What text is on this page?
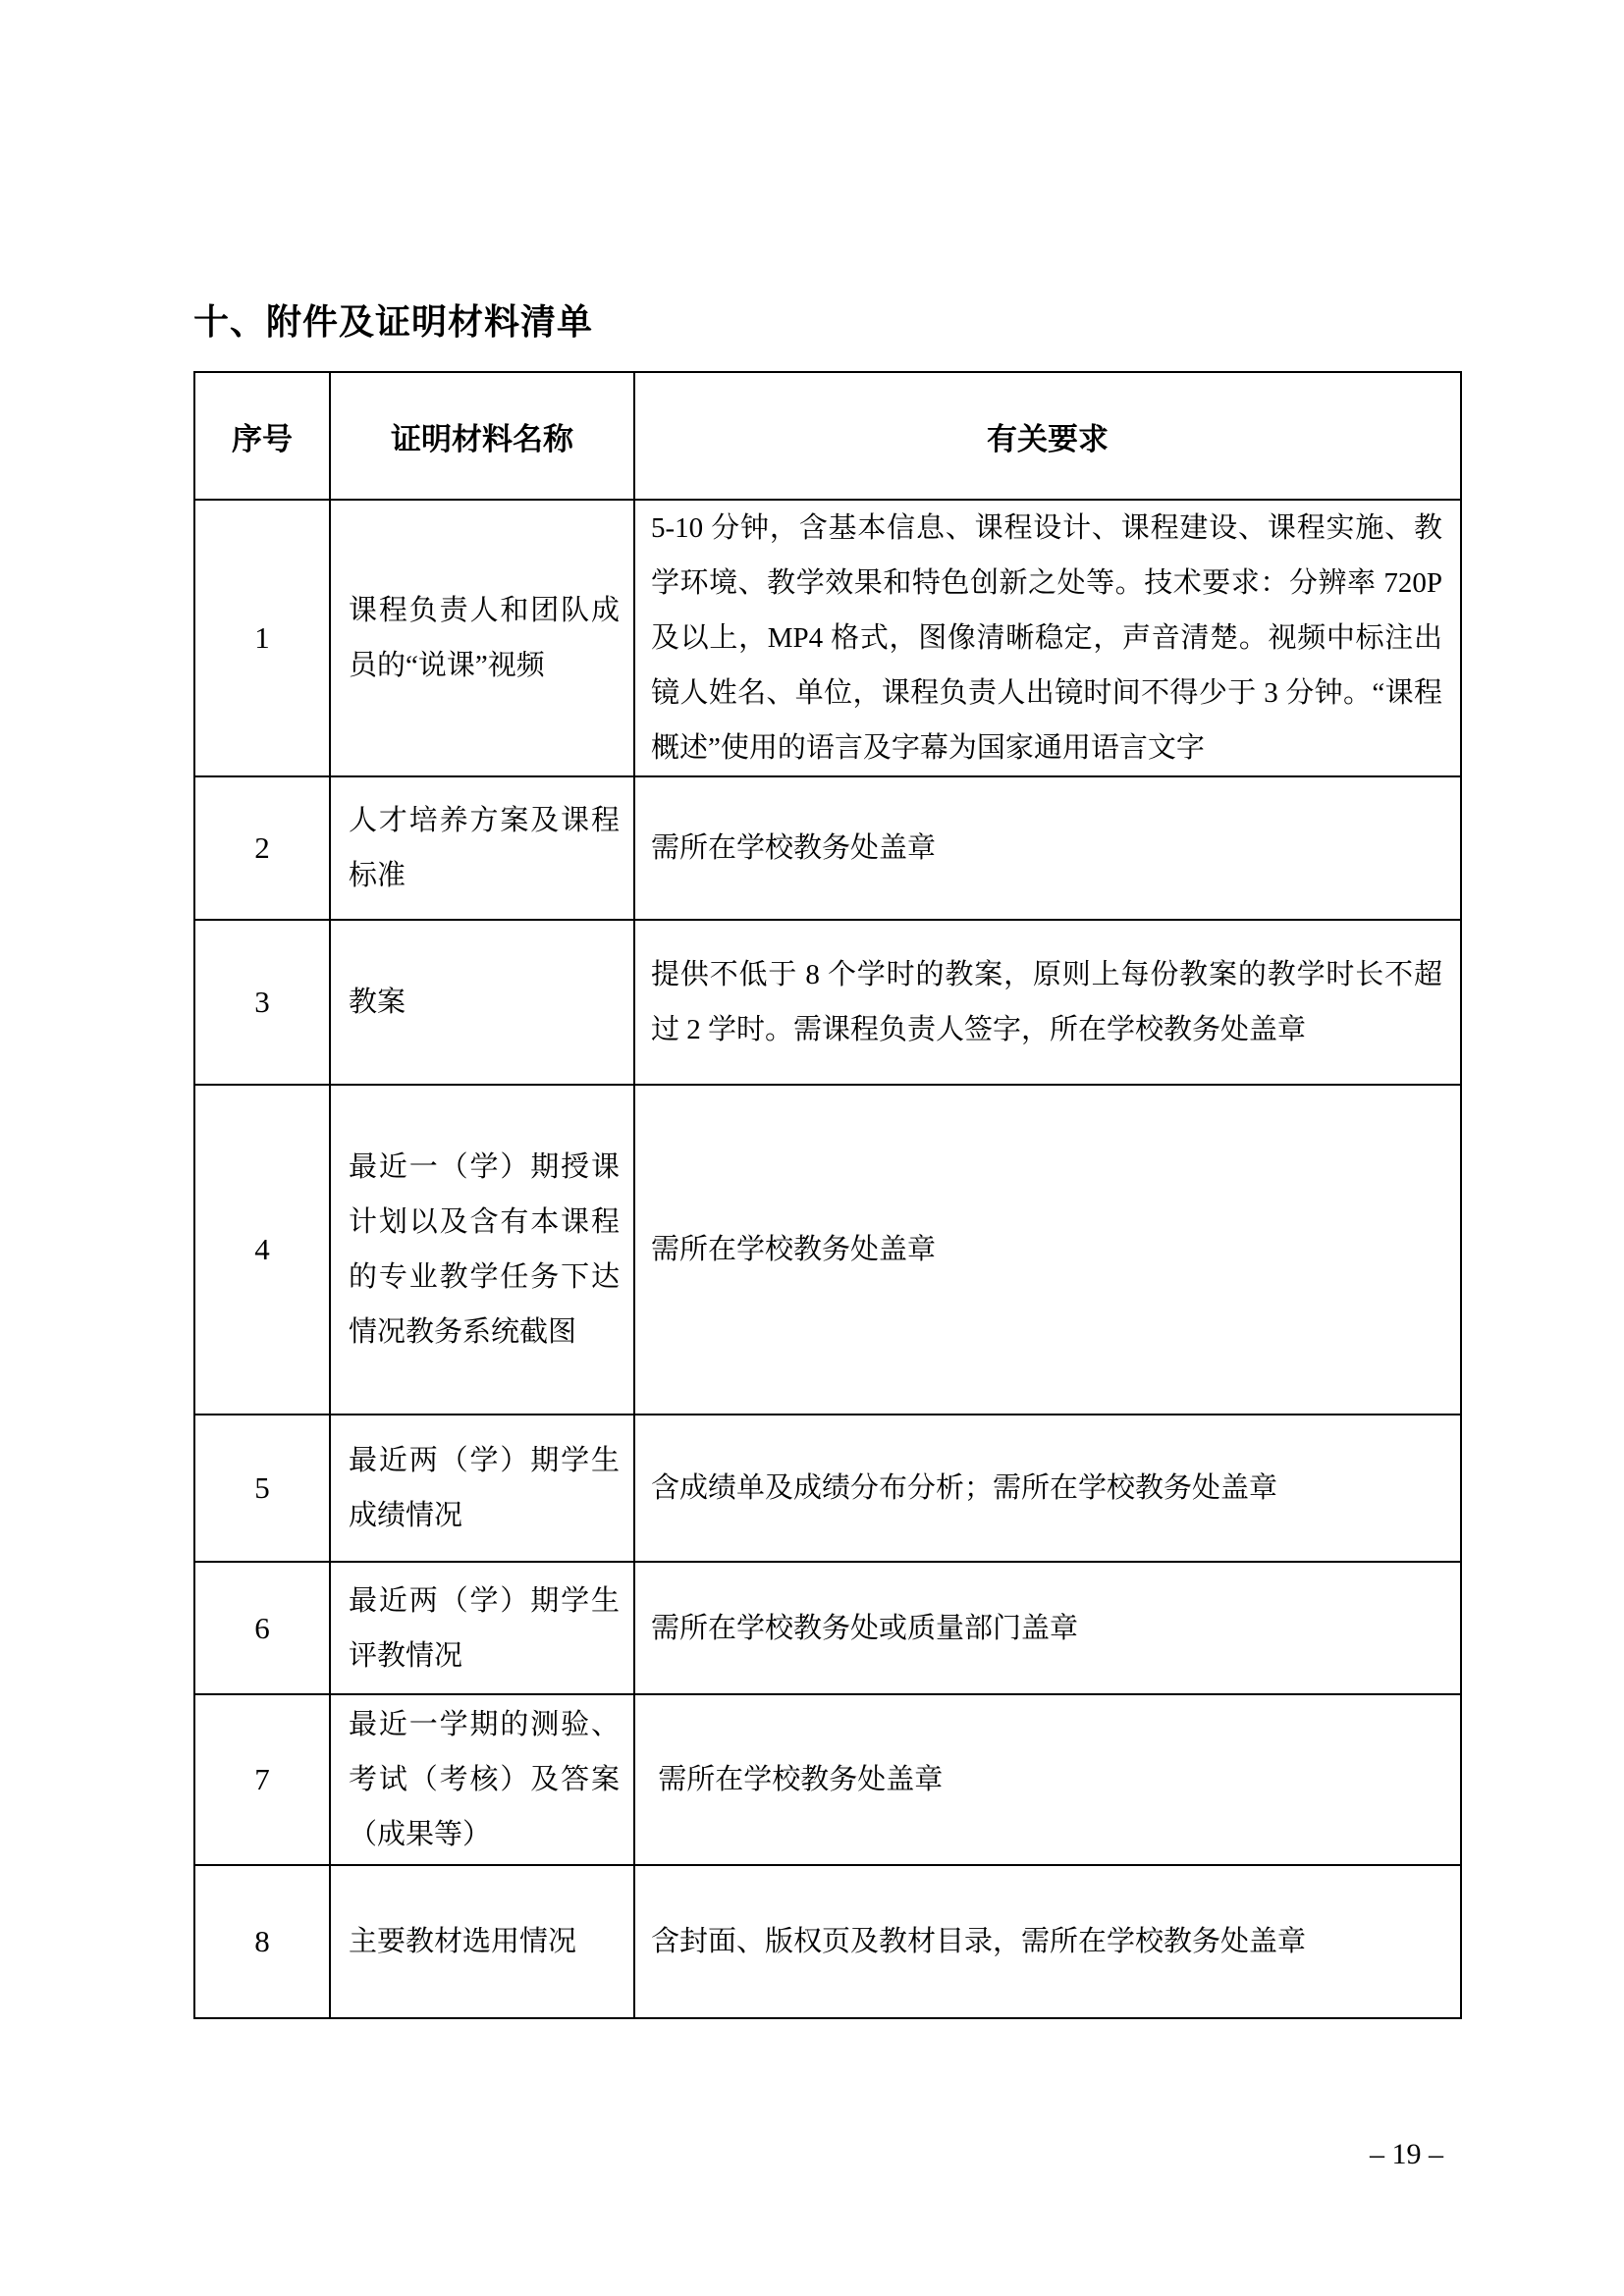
十、附件及证明材料清单
序号	证明材料名称	有关要求
1	课程负责人和团队成员的“说课”视频	5-10 分钟，含基本信息、课程设计、课程建设、课程实施、教学环境、教学效果和特色创新之处等。技术要求：分辨率 720P 及以上，MP4 格式，图像清晰稳定，声音清楚。视频中标注出镜人姓名、单位，课程负责人出镜时间不得少于 3 分钟。“课程概述”使用的语言及字幕为国家通用语言文字
2	人才培养方案及课程标准	需所在学校教务处盖章
3	教案	提供不低于 8 个学时的教案，原则上每份教案的教学时长不超过 2 学时。需课程负责人签字，所在学校教务处盖章
4	最近一（学）期授课计划以及含有本课程的专业教学任务下达情况教务系统截图	需所在学校教务处盖章
5	最近两（学）期学生成绩情况	含成绩单及成绩分布分析；需所在学校教务处盖章
6	最近两（学）期学生评教情况	需所在学校教务处或质量部门盖章
7	最近一学期的测验、考试（考核）及答案（成果等）	需所在学校教务处盖章
8	主要教材选用情况	含封面、版权页及教材目录，需所在学校教务处盖章
– 19 –
